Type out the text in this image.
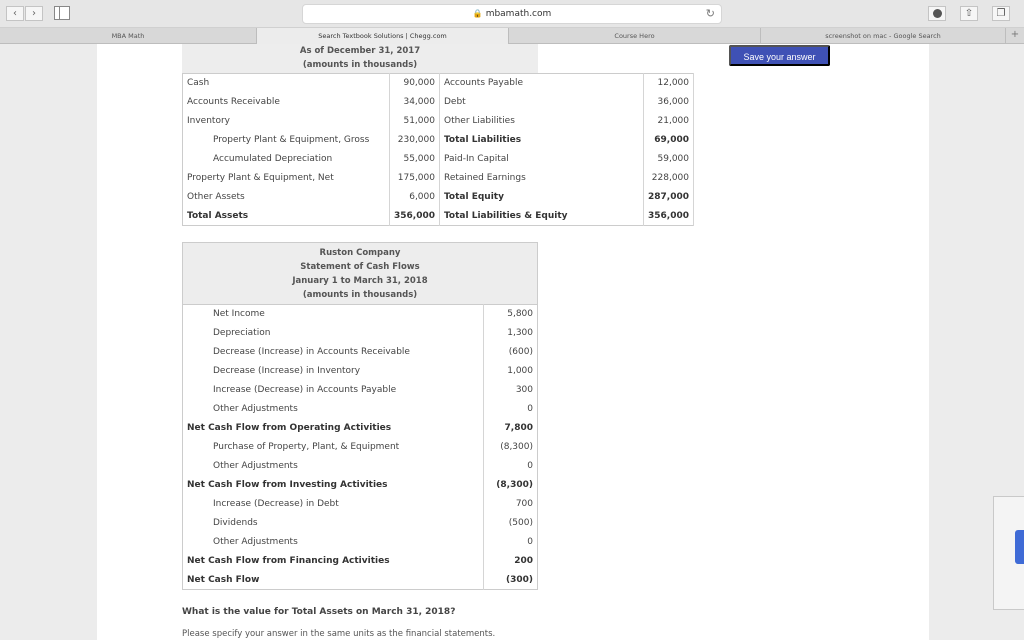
‹	›	🔒 mbamath.com	↻	⇧	❐
MBA Math	Search Textbook Solutions | Chegg.com	Course Hero	screenshot on mac - Google Search	+
Save your answer
As of December 31, 2017
(amounts in thousands)
Cash	90,000	Accounts Payable	12,000
Accounts Receivable	34,000	Debt	36,000
Inventory	51,000	Other Liabilities	21,000
Property Plant & Equipment, Gross	230,000	Total Liabilities	69,000
Accumulated Depreciation	55,000	Paid-In Capital	59,000
Property Plant & Equipment, Net	175,000	Retained Earnings	228,000
Other Assets	6,000	Total Equity	287,000
Total Assets	356,000	Total Liabilities & Equity	356,000
Ruston Company
Statement of Cash Flows
January 1 to March 31, 2018
(amounts in thousands)
Net Income	5,800
Depreciation	1,300
Decrease (Increase) in Accounts Receivable	(600)
Decrease (Increase) in Inventory	1,000
Increase (Decrease) in Accounts Payable	300
Other Adjustments	0
Net Cash Flow from Operating Activities	7,800
Purchase of Property, Plant, & Equipment	(8,300)
Other Adjustments	0
Net Cash Flow from Investing Activities	(8,300)
Increase (Decrease) in Debt	700
Dividends	(500)
Other Adjustments	0
Net Cash Flow from Financing Activities	200
Net Cash Flow	(300)
What is the value for Total Assets on March 31, 2018?
Please specify your answer in the same units as the financial statements.
